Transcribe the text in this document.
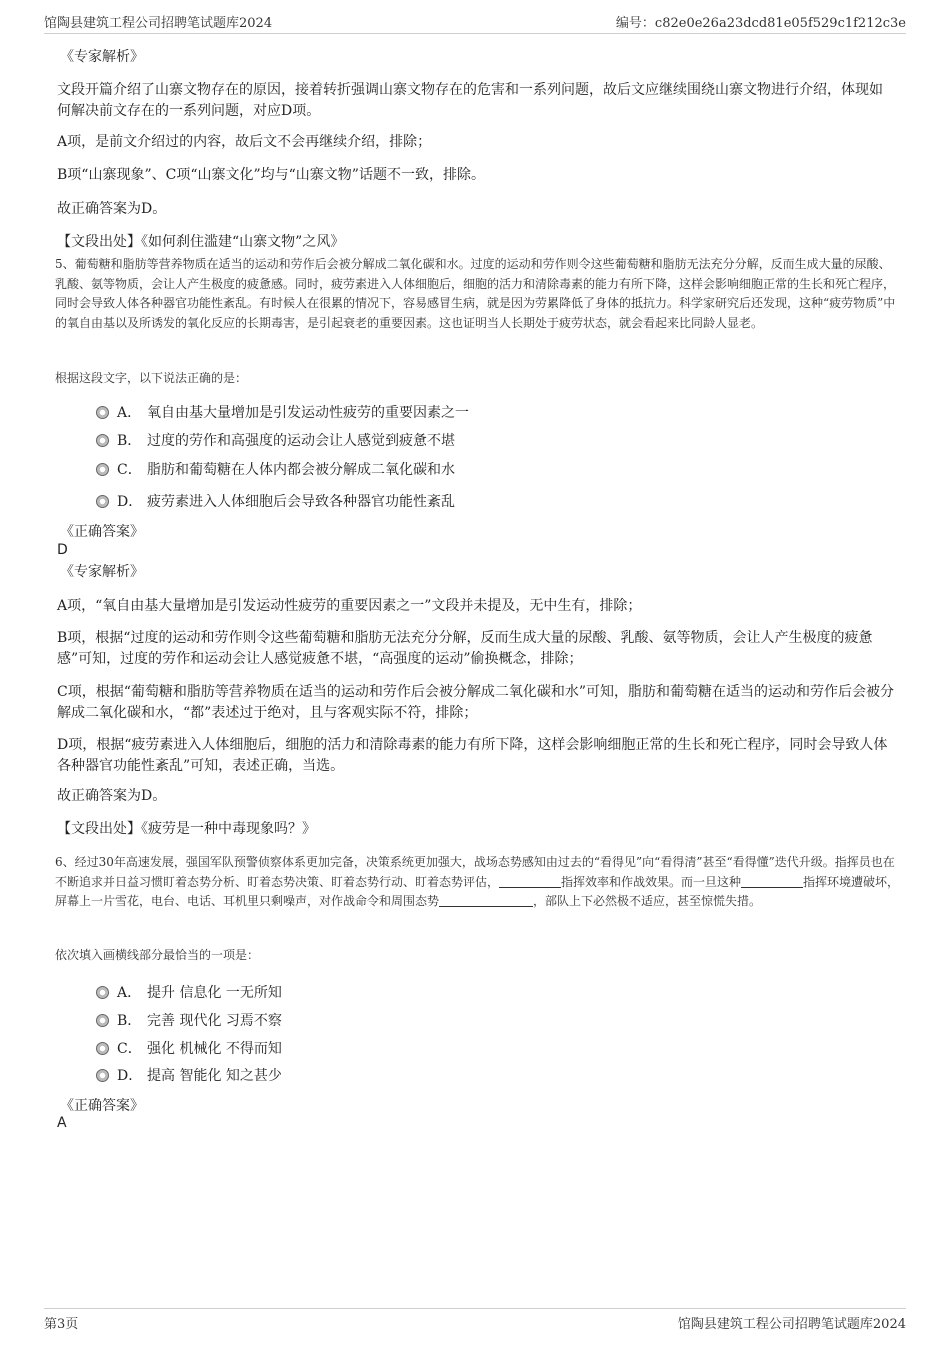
馆陶县建筑工程公司招聘笔试题库2024	编号：c82e0e26a23dcd81e05f529c1f212c3e
《专家解析》
文段开篇介绍了山寨文物存在的原因，接着转折强调山寨文物存在的危害和一系列问题，故后文应继续围绕山寨文物进行介绍，体现如何解决前文存在的一系列问题，对应D项。
A项，是前文介绍过的内容，故后文不会再继续介绍，排除；
B项“山寨现象”、C项“山寨文化”均与“山寨文物”话题不一致，排除。
故正确答案为D。
【文段出处】《如何刹住滥建“山寨文物”之风》
5、葡萄糖和脂肪等营养物质在适当的运动和劳作后会被分解成二氧化碳和水。过度的运动和劳作则令这些葡萄糖和脂肪无法充分分解，反而生成大量的尿酸、乳酸、氨等物质，会让人产生极度的疲惫感。同时，疲劳素进入人体细胞后，细胞的活力和清除毒素的能力有所下降，这样会影响细胞正常的生长和死亡程序，同时会导致人体各种器官功能性紊乱。有时候人在很累的情况下，容易感冒生病，就是因为劳累降低了身体的抵抗力。科学家研究后还发现，这种“疲劳物质”中的氧自由基以及所诱发的氧化反应的长期毒害，是引起衰老的重要因素。这也证明当人长期处于疲劳状态，就会看起来比同龄人显老。
根据这段文字，以下说法正确的是：
A． 氧自由基大量增加是引发运动性疲劳的重要因素之一
B． 过度的劳作和高强度的运动会让人感觉到疲惫不堪
C． 脂肪和葡萄糖在人体内都会被分解成二氧化碳和水
D． 疲劳素进入人体细胞后会导致各种器官功能性紊乱
《正确答案》
D
《专家解析》
A项，“氧自由基大量增加是引发运动性疲劳的重要因素之一”文段并未提及，无中生有，排除；
B项，根据“过度的运动和劳作则令这些葡萄糖和脂肪无法充分分解，反而生成大量的尿酸、乳酸、氨等物质，会让人产生极度的疲惫感”可知，过度的劳作和运动会让人感觉疲惫不堪，“高强度的运动”偷换概念，排除；
C项，根据“葡萄糖和脂肪等营养物质在适当的运动和劳作后会被分解成二氧化碳和水”可知，脂肪和葡萄糖在适当的运动和劳作后会被分解成二氧化碳和水，“都”表述过于绝对，且与客观实际不符，排除；
D项，根据“疲劳素进入人体细胞后，细胞的活力和清除毒素的能力有所下降，这样会影响细胞正常的生长和死亡程序，同时会导致人体各种器官功能性紊乱”可知，表述正确，当选。
故正确答案为D。
【文段出处】《疲劳是一种中毒现象吗？》
6、经过30年高速发展，强国军队预警侦察体系更加完备，决策系统更加强大，战场态势感知由过去的“看得见”向“看得清”甚至“看得懂”迭代升级。指挥员也在不断追求并日益习惯盯着态势分析、盯着态势决策、盯着态势行动、盯着态势评估，	指挥效率和作战效果。而一旦这种	指挥环境遭破坏，屏幕上一片雪花，电台、电话、耳机里只剩噪声，对作战命令和周围态势	，部队上下必然极不适应，甚至惊慌失措。
依次填入画横线部分最恰当的一项是：
A． 提升 信息化 一无所知
B． 完善 现代化 习焉不察
C． 强化 机械化 不得而知
D． 提高 智能化 知之甚少
《正确答案》
A
第3页	馆陶县建筑工程公司招聘笔试题库2024
